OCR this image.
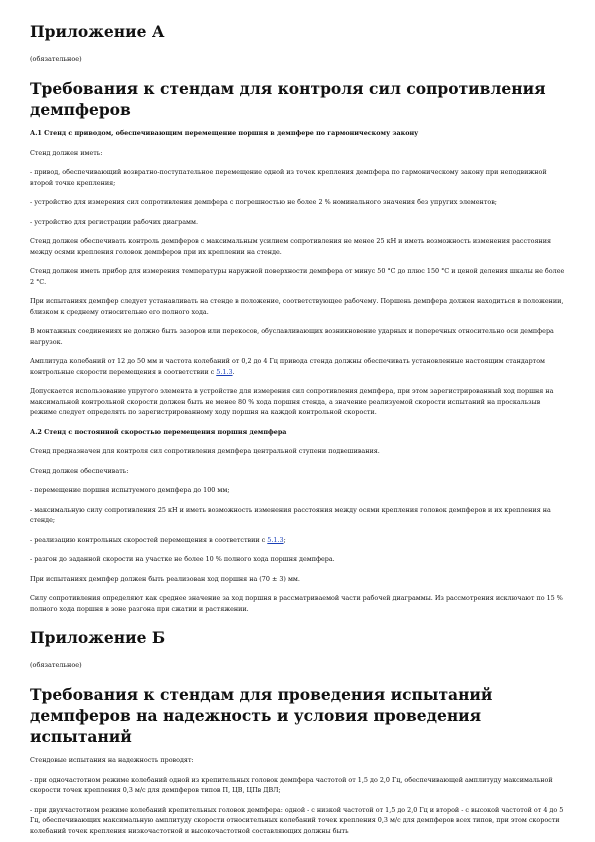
Приложение А

(обязательное)

Требования к стендам для контроля сил сопротивления демпферов

А.1 Стенд с приводом, обеспечивающим перемещение поршня в демпфере по гармоническому закону

Стенд должен иметь:

- привод, обеспечивающий возвратно-поступательное перемещение одной из точек крепления демпфера по гармоническому закону при неподвижной второй точке крепления;

- устройство для измерения сил сопротивления демпфера с погрешностью не более 2 % номинального значения без упругих элементов;

- устройство для регистрации рабочих диаграмм.

Стенд должен обеспечивать контроль демпферов с максимальным усилием сопротивления не менее 25 кН и иметь возможность изменения расстояния между осями крепления головок демпферов при их креплении на стенде.

Стенд должен иметь прибор для измерения температуры наружной поверхности демпфера от минус 50 °С до плюс 150 °С и ценой деления шкалы не более 2 °С.

При испытаниях демпфер следует устанавливать на стенде в положение, соответствующее рабочему. Поршень демпфера должен находиться в положении, близком к среднему относительно его полного хода.

В монтажных соединениях не должно быть зазоров или перекосов, обуславливающих возникновение ударных и поперечных относительно оси демпфера нагрузок.

Амплитуда колебаний от 12 до 50 мм и частота колебаний от 0,2 до 4 Гц привода стенда должны обеспечивать установленные настоящим стандартом контрольные скорости перемещения в соответствии с 5.1.3.

Допускается использование упругого элемента в устройстве для измерения сил сопротивления демпфера, при этом зарегистрированный ход поршня на максимальной контрольной скорости должен быть не менее 80 % хода поршня стенда, а значение реализуемой скорости испытаний на проскальзыв режиме следует определять по зарегистрированному ходу поршня на каждой контрольной скорости.

А.2 Стенд с постоянной скоростью перемещения поршня демпфера

Стенд предназначен для контроля сил сопротивления демпфера центральной ступени подвешивания.

Стенд должен обеспечивать:

- перемещение поршня испытуемого демпфера до 100 мм;

- максимальную силу сопротивления 25 кН и иметь возможность изменения расстояния между осями крепления головок демпферов и их крепления на стенде;

- реализацию контрольных скоростей перемещения в соответствии с 5.1.3;

- разгон до заданной скорости на участке не более 10 % полного хода поршня демпфера.

При испытаниях демпфер должен быть реализован ход поршня на (70 ± 3) мм.

Силу сопротивления определяют как среднее значение за ход поршня в рассматриваемой части рабочей диаграммы. Из рассмотрения исключают по 15 % полного хода поршня в зоне разгона при сжатии и растяжении.

Приложение Б

(обязательное)

Требования к стендам для проведения испытаний демпферов на надежность и условия проведения испытаний

Стендовые испытания на надежность проводят:

- при одночастотном режиме колебаний одной из крепительных головок демпфера частотой от 1,5 до 2,0 Гц, обеспечивающей амплитуду максимальной скорости точек крепления 0,3 м/с для демпферов типов П, ЦВ, ЦПв ДВЛ;

- при двухчастотном режиме колебаний крепительных головок демпфера: одной - с низкой частотой от 1,5 до 2,0 Гц и второй - с высокой частотой от 4 до 5 Гц, обеспечивающих максимальную амплитуду скорости относительных колебаний точек крепления 0,3 м/с для демпферов всех типов, при этом скорости колебаний точек крепления низкочастотной и высокочастотной составляющих должны быть
